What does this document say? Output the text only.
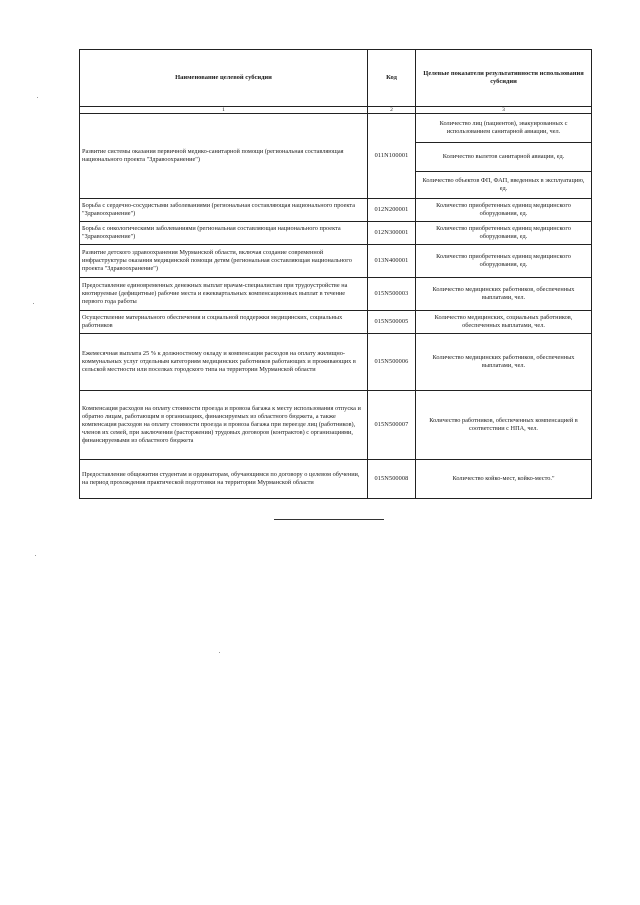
Наименование целевой субсидии	Код	Целевые показатели результативности использования субсидии
1	2	3
Развитие системы оказания первичной медико-санитарной помощи (региональная составляющая национального проекта "Здравоохранение")	011N100001	Количество лиц (пациентов), эвакуированных с использованием санитарной авиации, чел.
		Количество вылетов санитарной авиации, ед.
		Количество объектов ФП, ФАП, введенных в эксплуатацию, ед.
Борьба с сердечно-сосудистыми заболеваниями (региональная составляющая национального проекта "Здравоохранение")	012N200001	Количество приобретенных единиц медицинского оборудования, ед.
Борьба с онкологическими заболеваниями (региональная составляющая национального проекта "Здравоохранение")	012N300001	Количество приобретенных единиц медицинского оборудования, ед.
Развитие детского здравоохранения Мурманской области, включая создание современной инфраструктуры оказания медицинской помощи детям (региональная составляющая национального проекта "Здравоохранение")	013N400001	Количество приобретенных единиц медицинского оборудования, ед.
Предоставление единовременных денежных выплат врачам-специалистам при трудоустройстве на квотируемые (дефицитные) рабочие места и ежеквартальных компенсационных выплат в течение первого года работы	015N500003	Количество медицинских работников, обеспеченных выплатами, чел.
Осуществление материального обеспечения и социальной поддержки медицинских, социальных работников	015N500005	Количество медицинских, социальных работников, обеспеченных выплатами, чел.
Ежемесячная выплата 25 % к должностному окладу и компенсация расходов на оплату жилищно-коммунальных услуг отдельным категориям медицинских работников работающих и проживающих в сельской местности или поселках городского типа на территории Мурманской области	015N500006	Количество медицинских работников, обеспеченных выплатами, чел.
Компенсация расходов на оплату стоимости проезда и провоза багажа к месту использования отпуска и обратно лицам, работающим в организациях, финансируемых из областного бюджета, а также компенсация расходов на оплату стоимости проезда и провоза багажа при переезде лиц (работников), членов их семей, при заключении (расторжении) трудовых договоров (контрактов) с организациями, финансируемыми из областного бюджета	015N500007	Количество работников, обеспеченных компенсацией в соответствии с НПА, чел.
Предоставление общежития студентам и ординаторам, обучающимся по договору о целевом обучении, на период прохождения практической подготовки на территории Мурманской области	015N500008	Количество койко-мест, койко-место."
